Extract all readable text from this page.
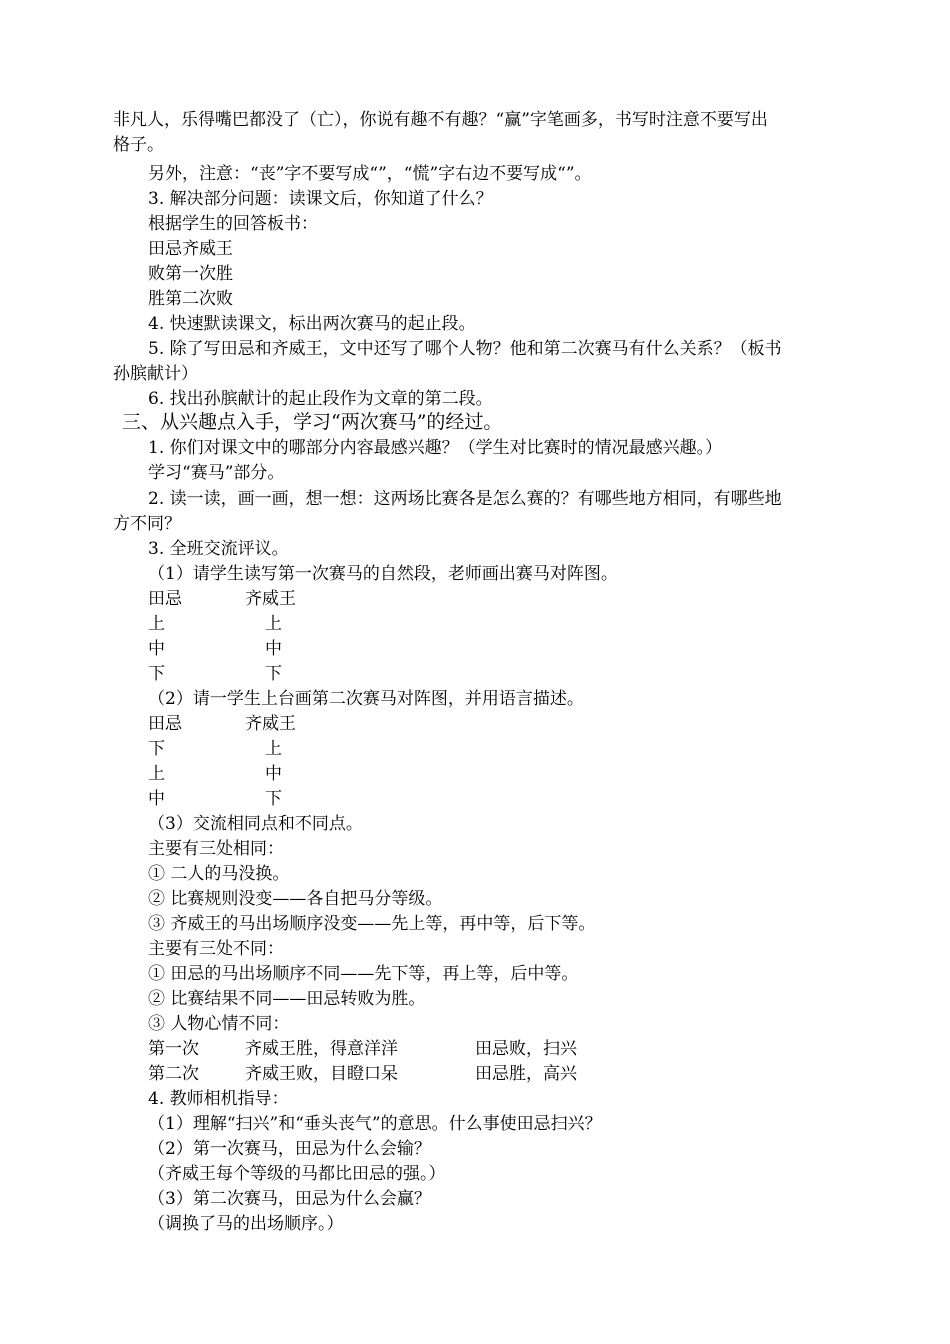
非凡人，乐得嘴巴都没了（亡），你说有趣不有趣？“赢”字笔画多，书写时注意不要写出
格子。
另外，注意：“丧”字不要写成“”，“慌”字右边不要写成“”。
3. 解决部分问题：读课文后，你知道了什么？
根据学生的回答板书：
田忌齐威王
败第一次胜
胜第二次败
4. 快速默读课文，标出两次赛马的起止段。
5. 除了写田忌和齐威王，文中还写了哪个人物？他和第二次赛马有什么关系？（板书
孙膑献计）
6. 找出孙膑献计的起止段作为文章的第二段。
三、从兴趣点入手，学习“两次赛马”的经过。
1. 你们对课文中的哪部分内容最感兴趣？（学生对比赛时的情况最感兴趣。）
学习“赛马”部分。
2. 读一读，画一画，想一想：这两场比赛各是怎么赛的？有哪些地方相同，有哪些地
方不同？
3. 全班交流评议。
（1）请学生读写第一次赛马的自然段，老师画出赛马对阵图。
田忌	齐威王
上	上
中	中
下	下
（2）请一学生上台画第二次赛马对阵图，并用语言描述。
田忌	齐威王
下	上
上	中
中	下
（3）交流相同点和不同点。
主要有三处相同：
① 二人的马没换。
② 比赛规则没变——各自把马分等级。
③ 齐威王的马出场顺序没变——先上等，再中等，后下等。
主要有三处不同：
① 田忌的马出场顺序不同——先下等，再上等，后中等。
② 比赛结果不同——田忌转败为胜。
③ 人物心情不同：
第一次	齐威王胜，得意洋洋	田忌败，扫兴
第二次	齐威王败，目瞪口呆	田忌胜，高兴
4. 教师相机指导：
（1）理解“扫兴”和“垂头丧气”的意思。什么事使田忌扫兴？
（2）第一次赛马，田忌为什么会输？
（齐威王每个等级的马都比田忌的强。）
（3）第二次赛马，田忌为什么会赢？
（调换了马的出场顺序。）
